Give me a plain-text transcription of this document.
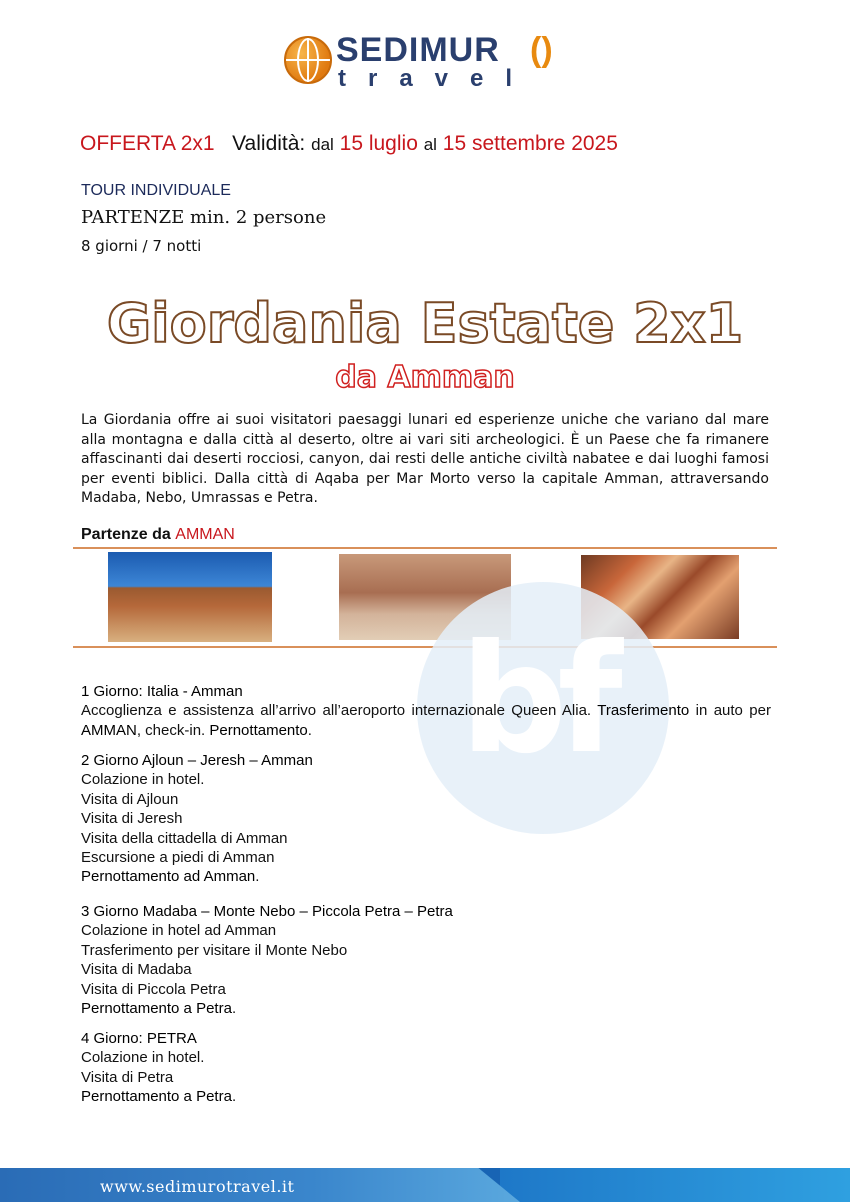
SEDIMUR ()
travel
OFFERTA 2x1 Validità: dal 15 luglio al 15 settembre 2025
TOUR INDIVIDUALE
PARTENZE min. 2 persone
8 giorni / 7 notti
Giordania Estate 2x1
da Amman
La Giordania offre ai suoi visitatori paesaggi lunari ed esperienze uniche che variano dal mare alla montagna e dalla città al deserto, oltre ai vari siti archeologici. È un Paese che fa rimanere affascinanti dai deserti rocciosi, canyon, dai resti delle antiche civiltà nabatee e dai luoghi famosi per eventi biblici. Dalla città di Aqaba per Mar Morto verso la capitale Amman, attraversando Madaba, Nebo, Umrassas e Petra.
Partenze da AMMAN
bf
1 Giorno: Italia - Amman
Accoglienza e assistenza all’arrivo all’aeroporto internazionale Queen Alia. Trasferimento in auto per AMMAN, check-in. Pernottamento.
2 Giorno Ajloun – Jeresh – Amman
Colazione in hotel.
Visita di Ajloun
Visita di Jeresh
Visita della cittadella di Amman
Escursione a piedi di Amman
Pernottamento ad Amman.
3 Giorno Madaba – Monte Nebo – Piccola Petra – Petra
Colazione in hotel ad Amman
Trasferimento per visitare il Monte Nebo
Visita di Madaba
Visita di Piccola Petra
Pernottamento a Petra.
4 Giorno: PETRA
Colazione in hotel.
Visita di Petra
Pernottamento a Petra.
www.sedimurotravel.it
